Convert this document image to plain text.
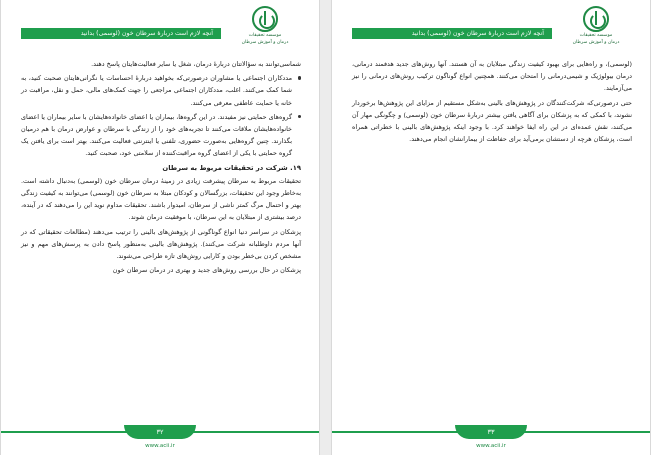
آنچه لازم است دربارهٔ سرطان خون (لوسمی) بدانید	موسسه تحقیقات
درمان و آموزش سرطان

شماسی‌توانند به سؤالاتتان دربارهٔ درمان، شغل یا سایر فعالیت‌هایتان پاسخ دهند.

مددکاران اجتماعی یا مشاوران درصورتی‌که بخواهید دربارهٔ احساسات یا نگرانی‌هایتان صحبت کنید، به شما کمک می‌کنند. اغلب، مددکاران اجتماعی مراجعی را جهت کمک‌های مالی، حمل و نقل، مراقبت در خانه یا حمایت عاطفی معرفی می‌کنند.
گروه‌های حمایتی نیز مفیدند. در این گروه‌ها، بیماران یا اعضای خانواده‌هایشان با سایر بیماران یا اعضای خانواده‌هایشان ملاقات می‌کنند تا تجربه‌های خود را از زندگی با سرطان و عوارض درمان با هم درمیان بگذارند. چنین گروه‌هایی به‌صورت حضوری، تلفنی یا اینترنتی فعالیت می‌کنند. بهتر است برای یافتن یک گروه حمایتی با یکی از اعضای گروه مراقبت‌کننده از سلامتی خود، صحبت کنید.
۱۹. شرکت در تحقیقات مربوط به سرطان

تحقیقات مربوط به سرطان پیشرفت زیادی در زمینهٔ درمان سرطان خون (لوسمی) به‌دنبال داشته است. به‌خاطر وجود این تحقیقات، بزرگسالان و کودکان مبتلا به سرطان خون (لوسمی) می‌توانند به کیفیت زندگی بهتر و احتمال مرگ کمتر ناشی از سرطان، امیدوار باشند. تحقیقات مداوم نوید این را می‌دهند که در آینده، درصد بیشتری از مبتلایان به این سرطان، با موفقیت درمان شوند.

پزشکان در سراسر دنیا انواع گوناگونی از پژوهش‌های بالینی را ترتیب می‌دهند (مطالعات تحقیقاتی که در آنها مردم داوطلبانه شرکت می‌کنند). پژوهش‌های بالینی به‌منظور پاسخ دادن به پرسش‌های مهم و نیز مشخص کردن بی‌خطر بودن و کارایی روش‌های تازه طراحی می‌شوند.

پزشکان در حال بررسی روش‌های جدید و بهتری در درمان سرطان خون

۳۲
www.acii.ir
آنچه لازم است دربارهٔ سرطان خون (لوسمی) بدانید	موسسه تحقیقات
درمان و آموزش سرطان

(لوسمی)، و راه‌هایی برای بهبود کیفیت زندگی مبتلایان به آن هستند. آنها روش‌های جدید هدفمند درمانی، درمان بیولوژیک و شیمی‌درمانی را امتحان می‌کنند. همچنین انواع گوناگون ترکیب روش‌های درمانی را نیز می‌آزمایند.

حتی درصورتی‌که شرکت‌کنندگان در پژوهش‌های بالینی به‌شکل مستقیم از مزایای این پژوهش‌ها برخوردار نشوند، با کمکی که به پزشکان برای آگاهی یافتن بیشتر دربارهٔ سرطان خون (لوسمی) و چگونگی مهار آن می‌کنند، نقش عمده‌ای در این راه ایفا خواهند کرد. با وجود اینکه پژوهش‌های بالینی با خطراتی همراه است، پزشکان هرچه از دستشان برمی‌آید برای حفاظت از بیمارانشان انجام می‌دهند.

۳۳
www.acii.ir
